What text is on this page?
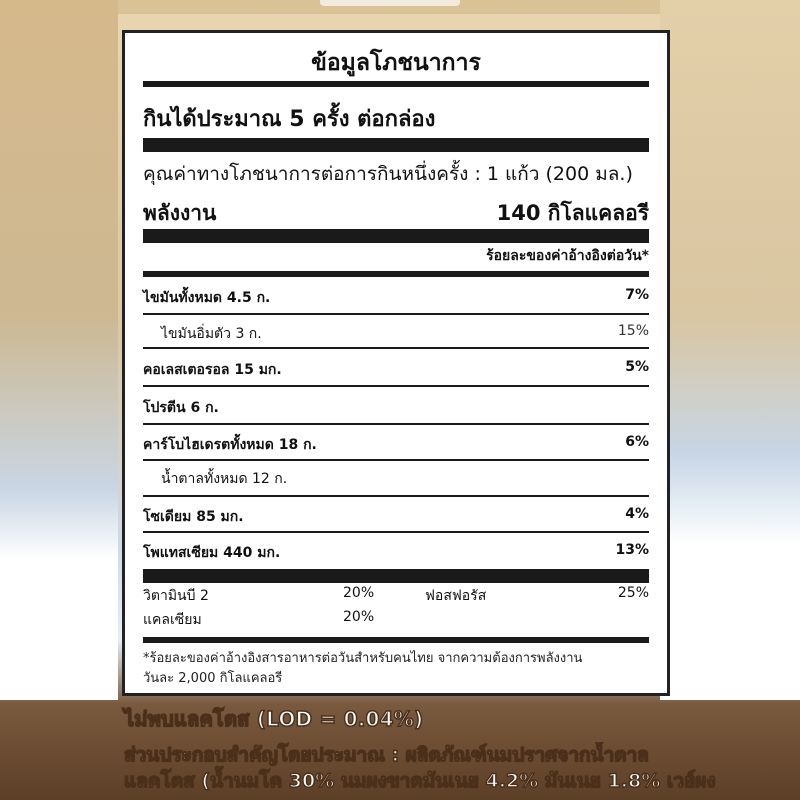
ข้อมูลโภชนาการ
กินได้ประมาณ 5 ครั้ง ต่อกล่อง
คุณค่าทางโภชนาการต่อการกินหนึ่งครั้ง : 1 แก้ว (200 มล.)
พลังงาน	140 กิโลแคลอรี
ร้อยละของค่าอ้างอิงต่อวัน*
ไขมันทั้งหมด 4.5 ก.	7%
ไขมันอิ่มตัว 3 ก.	15%
คอเลสเตอรอล 15 มก.	5%
โปรตีน 6 ก.
คาร์โบไฮเดรตทั้งหมด 18 ก.	6%
น้ำตาลทั้งหมด 12 ก.
โซเดียม 85 มก.	4%
โพแทสเซียม 440 มก.	13%
วิตามินบี 2	20%	ฟอสฟอรัส	25%
แคลเซียม	20%
*ร้อยละของค่าอ้างอิงสารอาหารต่อวันสำหรับคนไทย จากความต้องการพลังงาน
วันละ 2,000 กิโลแคลอรี
ไม่พบแลคโตส (LOD = 0.04%)
ส่วนประกอบสำคัญโดยประมาณ : ผลิตภัณฑ์นมปราศจากน้ำตาล
แลคโตส (น้ำนมโค 30% นมผงขาดมันเนย 4.2% มันเนย 1.8% เวย์ผง
